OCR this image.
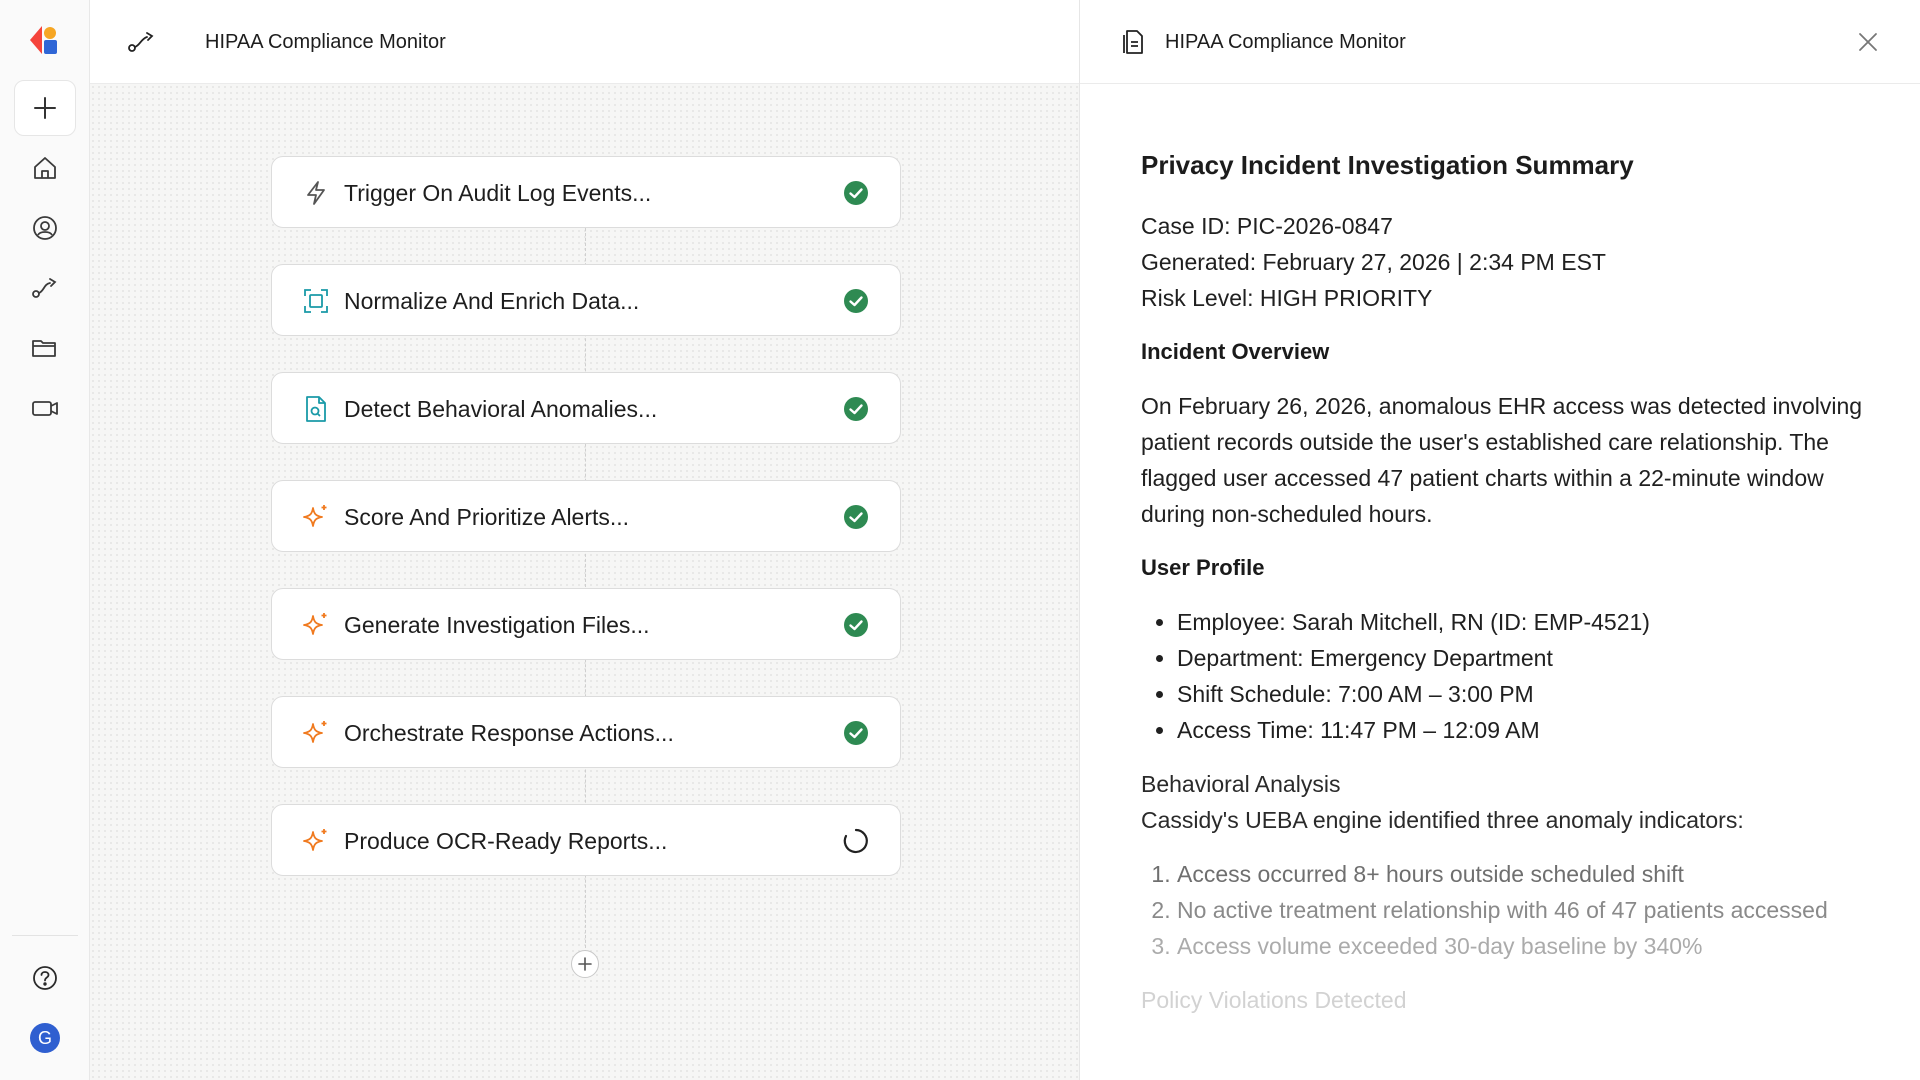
G
HIPAA Compliance Monitor
Trigger On Audit Log Events...
Normalize And Enrich Data...
Detect Behavioral Anomalies...
Score And Prioritize Alerts...
Generate Investigation Files...
Orchestrate Response Actions...
Produce OCR-Ready Reports...
HIPAA Compliance Monitor
Privacy Incident Investigation Summary
Case ID: PIC-2026-0847
Generated: February 27, 2026 | 2:34 PM EST
Risk Level: HIGH PRIORITY
Incident Overview

On February 26, 2026, anomalous EHR access was detected involving patient records outside the user's established care relationship. The flagged user accessed 47 patient charts within a 22-minute window during non-scheduled hours.

User Profile
• Employee: Sarah Mitchell, RN (ID: EMP-4521)
• Department: Emergency Department
• Shift Schedule: 7:00 AM – 3:00 PM
• Access Time: 11:47 PM – 12:09 AM
Behavioral Analysis
Cassidy's UEBA engine identified three anomaly indicators:
1. Access occurred 8+ hours outside scheduled shift
2. No active treatment relationship with 46 of 47 patients accessed
3. Access volume exceeded 30-day baseline by 340%
Policy Violations Detected
